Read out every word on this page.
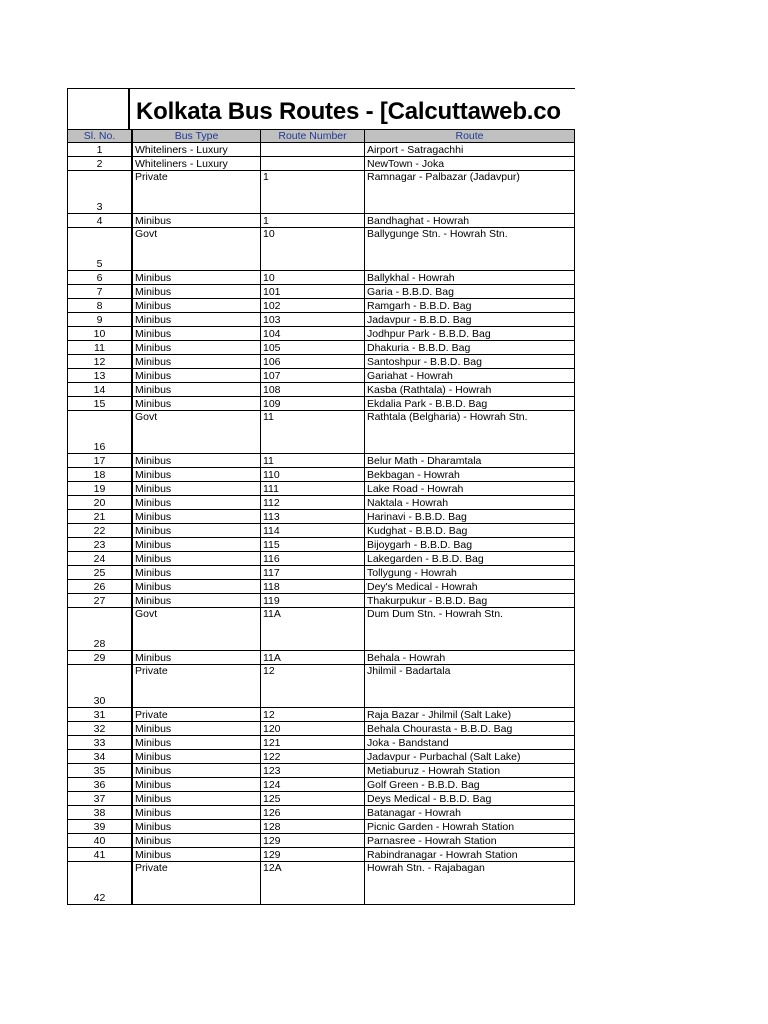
Kolkata Bus Routes - [Calcuttaweb.co
Sl. No.	Bus Type	Route Number	Route
1	Whiteliners - Luxury		Airport - Satragachhi
2	Whiteliners - Luxury		NewTown - Joka
3	Private	1	Ramnagar - Palbazar (Jadavpur)
4	Minibus	1	Bandhaghat - Howrah
5	Govt	10	Ballygunge Stn. - Howrah Stn.
6	Minibus	10	Ballykhal - Howrah
7	Minibus	101	Garia - B.B.D. Bag
8	Minibus	102	Ramgarh - B.B.D. Bag
9	Minibus	103	Jadavpur - B.B.D. Bag
10	Minibus	104	Jodhpur Park - B.B.D. Bag
11	Minibus	105	Dhakuria - B.B.D. Bag
12	Minibus	106	Santoshpur - B.B.D. Bag
13	Minibus	107	Gariahat - Howrah
14	Minibus	108	Kasba (Rathtala) - Howrah
15	Minibus	109	Ekdalia Park - B.B.D. Bag
16	Govt	11	Rathtala (Belgharia) - Howrah Stn.
17	Minibus	11	Belur Math - Dharamtala
18	Minibus	110	Bekbagan - Howrah
19	Minibus	111	Lake Road - Howrah
20	Minibus	112	Naktala - Howrah
21	Minibus	113	Harinavi - B.B.D. Bag
22	Minibus	114	Kudghat - B.B.D. Bag
23	Minibus	115	Bijoygarh - B.B.D. Bag
24	Minibus	116	Lakegarden - B.B.D. Bag
25	Minibus	117	Tollygung - Howrah
26	Minibus	118	Dey's Medical - Howrah
27	Minibus	119	Thakurpukur - B.B.D. Bag
28	Govt	11A	Dum Dum Stn. - Howrah Stn.
29	Minibus	11A	Behala - Howrah
30	Private	12	Jhilmil - Badartala
31	Private	12	Raja Bazar - Jhilmil (Salt Lake)
32	Minibus	120	Behala Chourasta - B.B.D. Bag
33	Minibus	121	Joka - Bandstand
34	Minibus	122	Jadavpur - Purbachal (Salt Lake)
35	Minibus	123	Metiaburuz - Howrah Station
36	Minibus	124	Golf Green - B.B.D. Bag
37	Minibus	125	Deys Medical - B.B.D. Bag
38	Minibus	126	Batanagar - Howrah
39	Minibus	128	Picnic Garden - Howrah Station
40	Minibus	129	Parnasree - Howrah Station
41	Minibus	129	Rabindranagar - Howrah Station
42	Private	12A	Howrah Stn. - Rajabagan
